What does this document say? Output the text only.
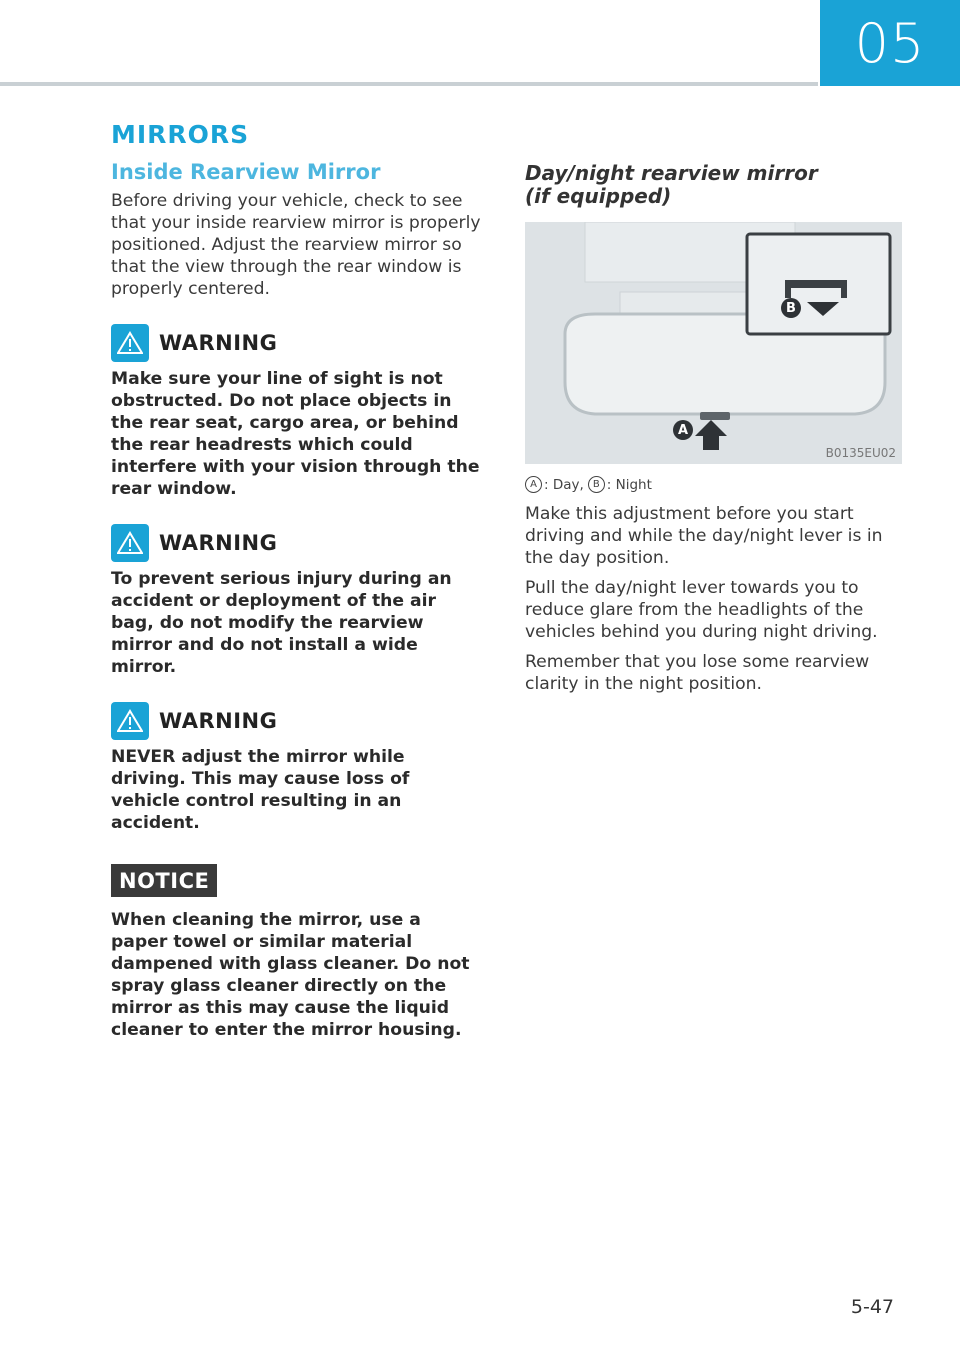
05
MIRRORS
Inside Rearview Mirror

Before driving your vehicle, check to see that your inside rearview mirror is properly positioned. Adjust the rearview mirror so that the view through the rear window is properly centered.

WARNING

Make sure your line of sight is not obstructed. Do not place objects in the rear seat, cargo area, or behind the rear headrests which could interfere with your vision through the rear window.

WARNING

To prevent serious injury during an accident or deployment of the air bag, do not modify the rearview mirror and do not install a wide mirror.

WARNING

NEVER adjust the mirror while driving. This may cause loss of vehicle control resulting in an accident.

NOTICE

When cleaning the mirror, use a paper towel or similar material dampened with glass cleaner. Do not spray glass cleaner directly on the mirror as this may cause the liquid cleaner to enter the mirror housing.

Day/night rearview mirror
(if equipped)
B
A
B0135EU02
A : Day, B : Night

Make this adjustment before you start driving and while the day/night lever is in the day position.

Pull the day/night lever towards you to reduce glare from the headlights of the vehicles behind you during night driving.

Remember that you lose some rearview clarity in the night position.

5-47
